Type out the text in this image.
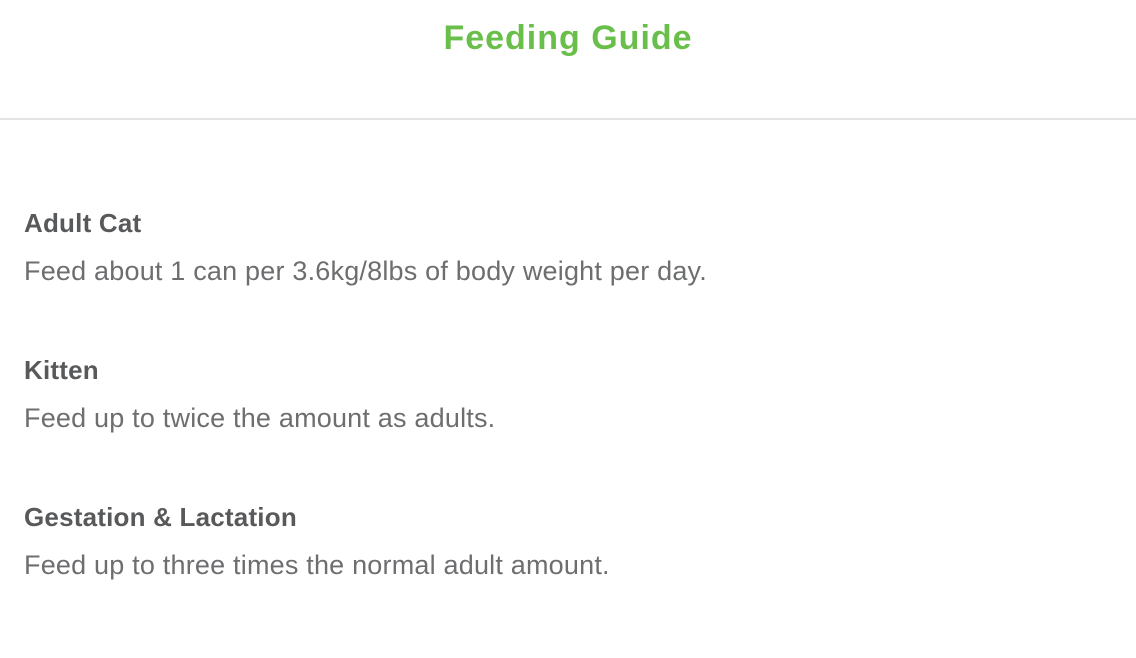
Feeding Guide
Adult Cat

Feed about 1 can per 3.6kg/8lbs of body weight per day.

Kitten

Feed up to twice the amount as adults.

Gestation & Lactation

Feed up to three times the normal adult amount.
